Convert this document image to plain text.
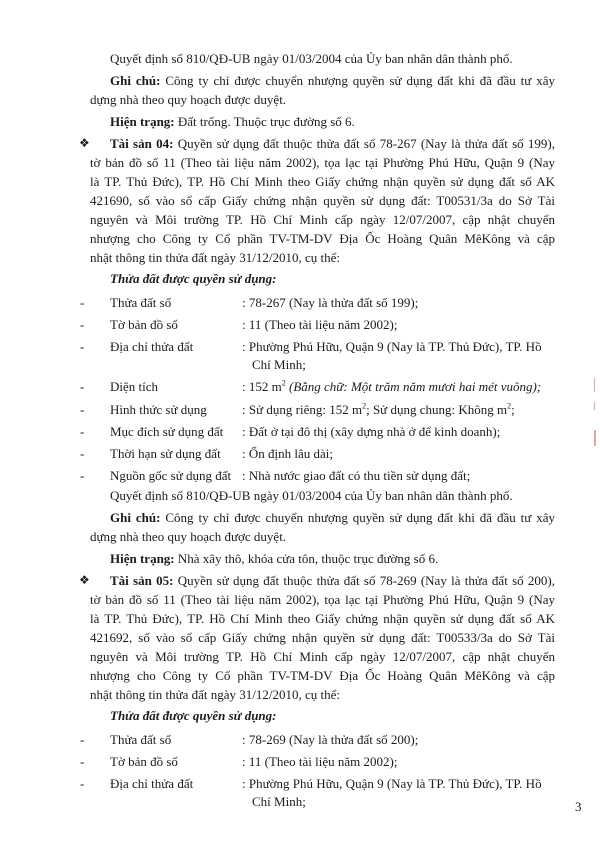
Quyết định số 810/QĐ-UB ngày 01/03/2004 của Ủy ban nhân dân thành phố.
Ghi chú: Công ty chỉ được chuyển nhượng quyền sử dụng đất khi đã đầu tư xây
dựng nhà theo quy hoạch được duyệt.
Hiện trạng: Đất trống. Thuộc trục đường số 6.
❖ Tài sản 04: Quyền sử dụng đất thuộc thửa đất số 78-267 (Nay là thửa đất số 199),
tờ bản đồ số 11 (Theo tài liệu năm 2002), tọa lạc tại Phường Phú Hữu, Quận 9 (Nay
là TP. Thủ Đức), TP. Hồ Chí Minh theo Giấy chứng nhận quyền sử dụng đất số AK
421690, số vào sổ cấp Giấy chứng nhận quyền sử dụng đất: T00531/3a do Sở Tài
nguyên và Môi trường TP. Hồ Chí Minh cấp ngày 12/07/2007, cập nhật chuyển
nhượng cho Công ty Cổ phần TV-TM-DV Địa Ốc Hoàng Quân MêKông và cập
nhật thông tin thửa đất ngày 31/12/2010, cụ thể:
Thửa đất được quyền sử dụng:
- Thửa đất số	: 78-267 (Nay là thửa đất số 199);
- Tờ bản đồ số	: 11 (Theo tài liệu năm 2002);
- Địa chỉ thửa đất	: Phường Phú Hữu, Quận 9 (Nay là TP. Thủ Đức), TP. Hồ
Chí Minh;
- Diện tích	: 152 $m^2$ (Bằng chữ: Một trăm năm mươi hai mét vuông);
- Hình thức sử dụng	: Sử dụng riêng: 152 $m^2$; Sử dụng chung: Không $m^2$;
- Mục đích sử dụng đất : Đất ở tại đô thị (xây dựng nhà ở để kinh doanh);
- Thời hạn sử dụng đất : Ổn định lâu dài;
- Nguồn gốc sử dụng đất : Nhà nước giao đất có thu tiền sử dụng đất;
Quyết định số 810/QĐ-UB ngày 01/03/2004 của Ủy ban nhân dân thành phố.
Ghi chú: Công ty chỉ được chuyển nhượng quyền sử dụng đất khi đã đầu tư xây
dựng nhà theo quy hoạch được duyệt.
Hiện trạng: Nhà xây thô, khóa cửa tôn, thuộc trục đường số 6.
❖ Tài sản 05: Quyền sử dụng đất thuộc thửa đất số 78-269 (Nay là thửa đất số 200),
tờ bản đồ số 11 (Theo tài liệu năm 2002), tọa lạc tại Phường Phú Hữu, Quận 9 (Nay
là TP. Thủ Đức), TP. Hồ Chí Minh theo Giấy chứng nhận quyền sử dụng đất số AK
421692, số vào sổ cấp Giấy chứng nhận quyền sử dụng đất: T00533/3a do Sở Tài
nguyên và Môi trường TP. Hồ Chí Minh cấp ngày 12/07/2007, cập nhật chuyển
nhượng cho Công ty Cổ phần TV-TM-DV Địa Ốc Hoàng Quân MêKông và cập
nhật thông tin thửa đất ngày 31/12/2010, cụ thể:
Thửa đất được quyền sử dụng:
- Thửa đất số	: 78-269 (Nay là thửa đất số 200);
- Tờ bản đồ số	: 11 (Theo tài liệu năm 2002);
- Địa chỉ thửa đất	: Phường Phú Hữu, Quận 9 (Nay là TP. Thủ Đức), TP. Hồ
Chí Minh;	3
